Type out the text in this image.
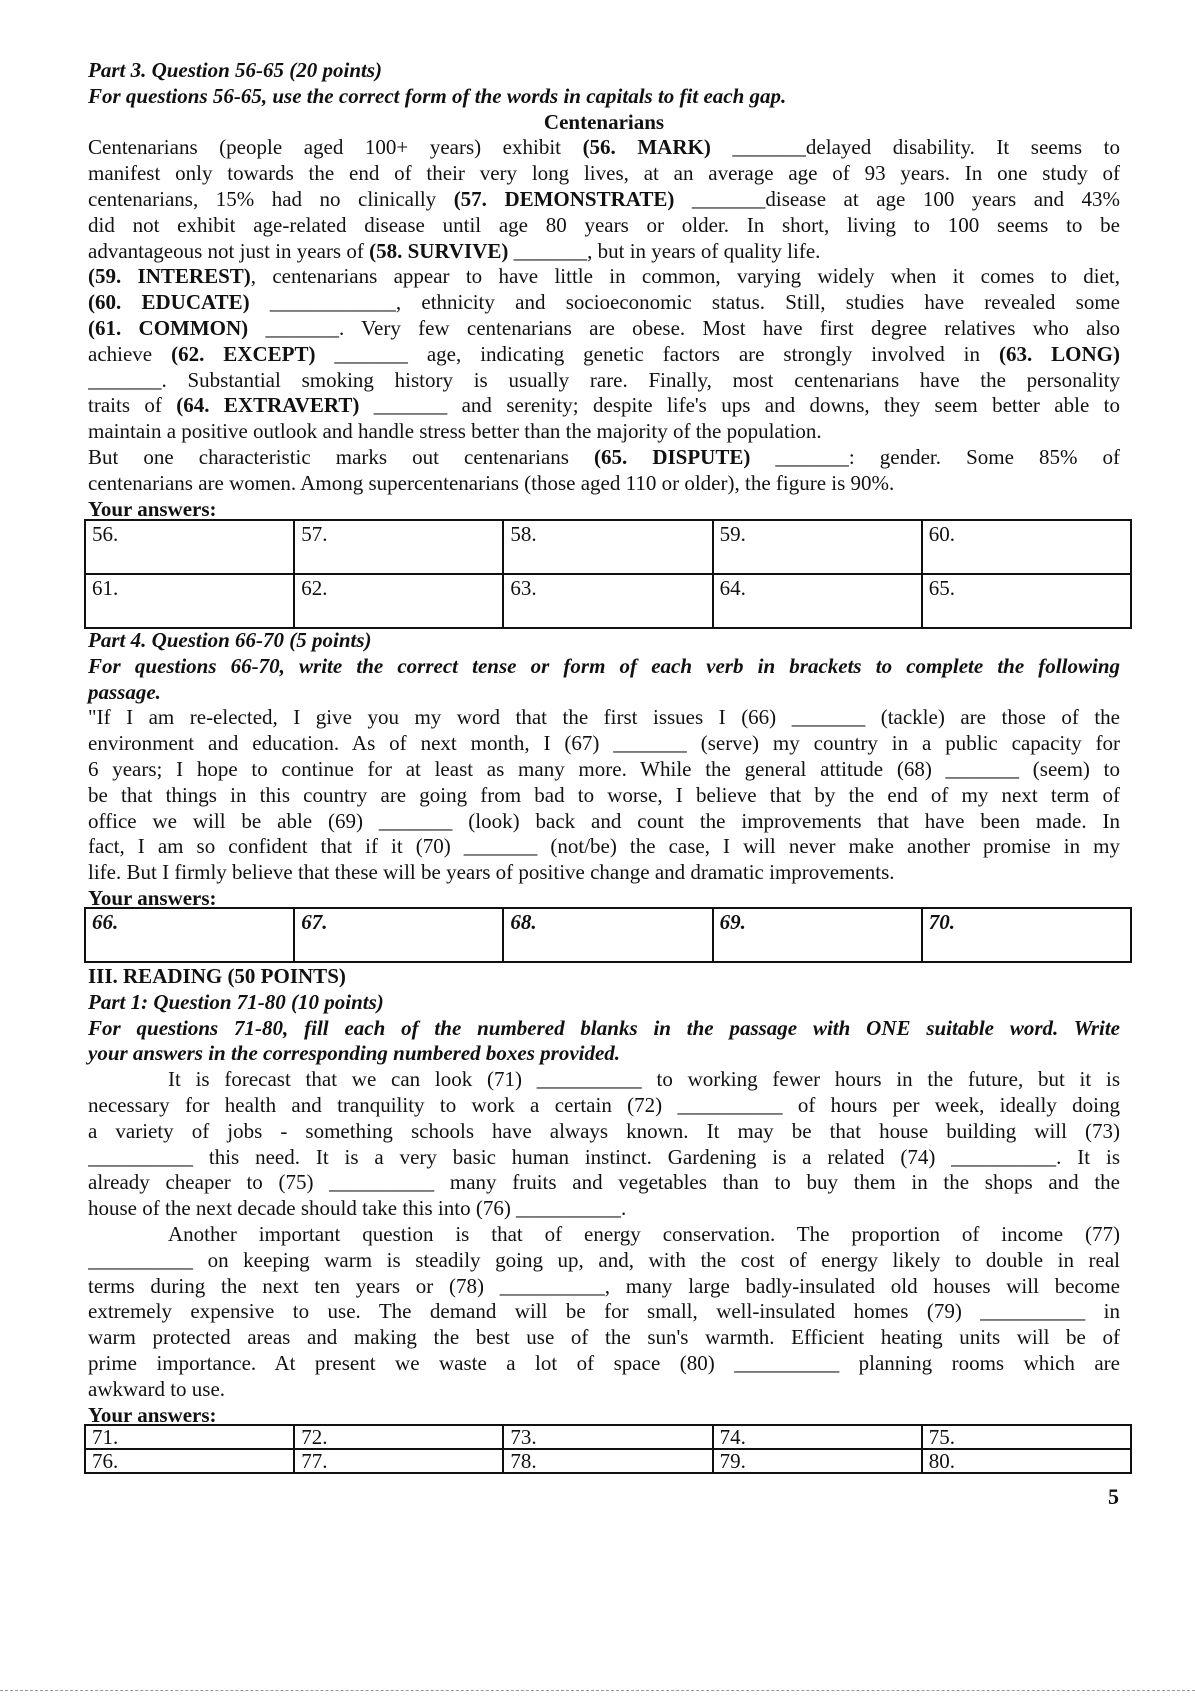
Part 3. Question 56-65 (20 points)
For questions 56-65, use the correct form of the words in capitals to fit each gap.
Centenarians
Centenarians (people aged 100+ years) exhibit (56. MARK) _______delayed disability. It seems to
manifest only towards the end of their very long lives, at an average age of 93 years. In one study of
centenarians, 15% had no clinically (57. DEMONSTRATE) _______disease at age 100 years and 43%
did not exhibit age-related disease until age 80 years or older. In short, living to 100 seems to be
advantageous not just in years of (58. SURVIVE) _______, but in years of quality life.
(59. INTEREST), centenarians appear to have little in common, varying widely when it comes to diet,
(60. EDUCATE) ____________, ethnicity and socioeconomic status. Still, studies have revealed some
(61. COMMON) _______. Very few centenarians are obese. Most have first degree relatives who also
achieve (62. EXCEPT) _______ age, indicating genetic factors are strongly involved in (63. LONG)
_______. Substantial smoking history is usually rare. Finally, most centenarians have the personality
traits of (64. EXTRAVERT) _______ and serenity; despite life's ups and downs, they seem better able to
maintain a positive outlook and handle stress better than the majority of the population.
But one characteristic marks out centenarians (65. DISPUTE) _______: gender. Some 85% of
centenarians are women. Among supercentenarians (those aged 110 or older), the figure is 90%.
Your answers:
56.	57.	58.	59.	60.
61.	62.	63.	64.	65.
Part 4. Question 66-70 (5 points)
For questions 66-70, write the correct tense or form of each verb in brackets to complete the following
passage.
"If I am re-elected, I give you my word that the first issues I (66) _______ (tackle) are those of the
environment and education. As of next month, I (67) _______ (serve) my country in a public capacity for
6 years; I hope to continue for at least as many more. While the general attitude (68) _______ (seem) to
be that things in this country are going from bad to worse, I believe that by the end of my next term of
office we will be able (69) _______ (look) back and count the improvements that have been made. In
fact, I am so confident that if it (70) _______ (not/be) the case, I will never make another promise in my
life. But I firmly believe that these will be years of positive change and dramatic improvements.
Your answers:
66.	67.	68.	69.	70.
III. READING (50 POINTS)
Part 1: Question 71-80 (10 points)
For questions 71-80, fill each of the numbered blanks in the passage with ONE suitable word. Write
your answers in the corresponding numbered boxes provided.
It is forecast that we can look (71) __________ to working fewer hours in the future, but it is
necessary for health and tranquility to work a certain (72) __________ of hours per week, ideally doing
a variety of jobs - something schools have always known. It may be that house building will (73)
__________ this need. It is a very basic human instinct. Gardening is a related (74) __________. It is
already cheaper to (75) __________ many fruits and vegetables than to buy them in the shops and the
house of the next decade should take this into (76) __________.
Another important question is that of energy conservation. The proportion of income (77)
__________ on keeping warm is steadily going up, and, with the cost of energy likely to double in real
terms during the next ten years or (78) __________, many large badly-insulated old houses will become
extremely expensive to use. The demand will be for small, well-insulated homes (79) __________ in
warm protected areas and making the best use of the sun's warmth. Efficient heating units will be of
prime importance. At present we waste a lot of space (80) __________ planning rooms which are
awkward to use.
Your answers:
71.	72.	73.	74.	75.
76.	77.	78.	79.	80.
5
